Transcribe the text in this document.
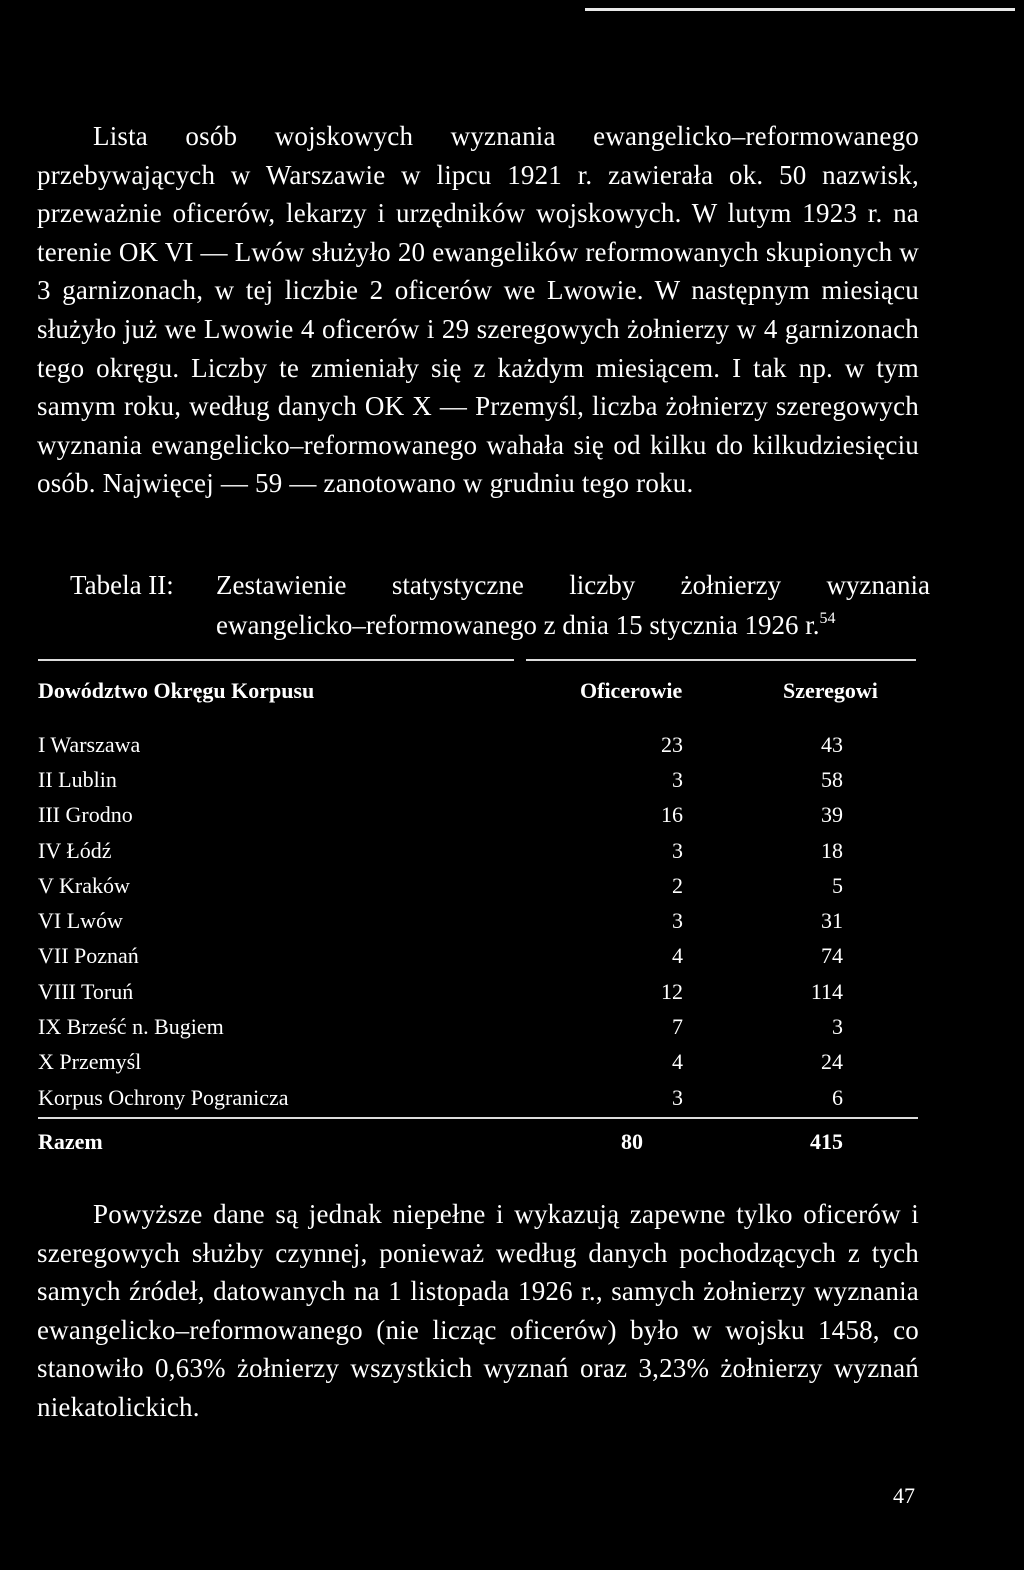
Lista osób wojskowych wyznania ewangelicko–reformowanego przebywających w Warszawie w lipcu 1921 r. zawierała ok. 50 nazwisk, przeważnie oficerów, lekarzy i urzędników wojskowych. W lutym 1923 r. na terenie OK VI — Lwów służyło 20 ewangelików reformowanych skupionych w 3 garnizonach, w tej liczbie 2 oficerów we Lwowie. W następnym miesiącu służyło już we Lwowie 4 oficerów i 29 szeregowych żołnierzy w 4 garnizonach tego okręgu. Liczby te zmieniały się z każdym miesiącem. I tak np. w tym samym roku, według danych OK X — Przemyśl, liczba żołnierzy szeregowych wyznania ewangelicko–reformowanego wahała się od kilku do kilkudziesięciu osób. Najwięcej — 59 — zanotowano w grudniu tego roku.

Tabela II: Zestawienie statystyczne liczby żołnierzy wyznania ewangelicko–reformowanego z dnia 15 stycznia 1926 r.$^{54}$
Dowództwo Okręgu Korpusu	Oficerowie	Szeregowi
I Warszawa	23	43
II Lublin	3	58
III Grodno	16	39
IV Łódź	3	18
V Kraków	2	5
VI Lwów	3	31
VII Poznań	4	74
VIII Toruń	12	114
IX Brześć n. Bugiem	7	3
X Przemyśl	4	24
Korpus Ochrony Pogranicza	3	6
Razem	80	415

Powyższe dane są jednak niepełne i wykazują zapewne tylko oficerów i szeregowych służby czynnej, ponieważ według danych pochodzących z tych samych źródeł, datowanych na 1 listopada 1926 r., samych żołnierzy wyznania ewangelicko–reformowanego (nie licząc oficerów) było w wojsku 1458, co stanowiło 0,63% żołnierzy wszystkich wyznań oraz 3,23% żołnierzy wyznań niekatolickich.

47
